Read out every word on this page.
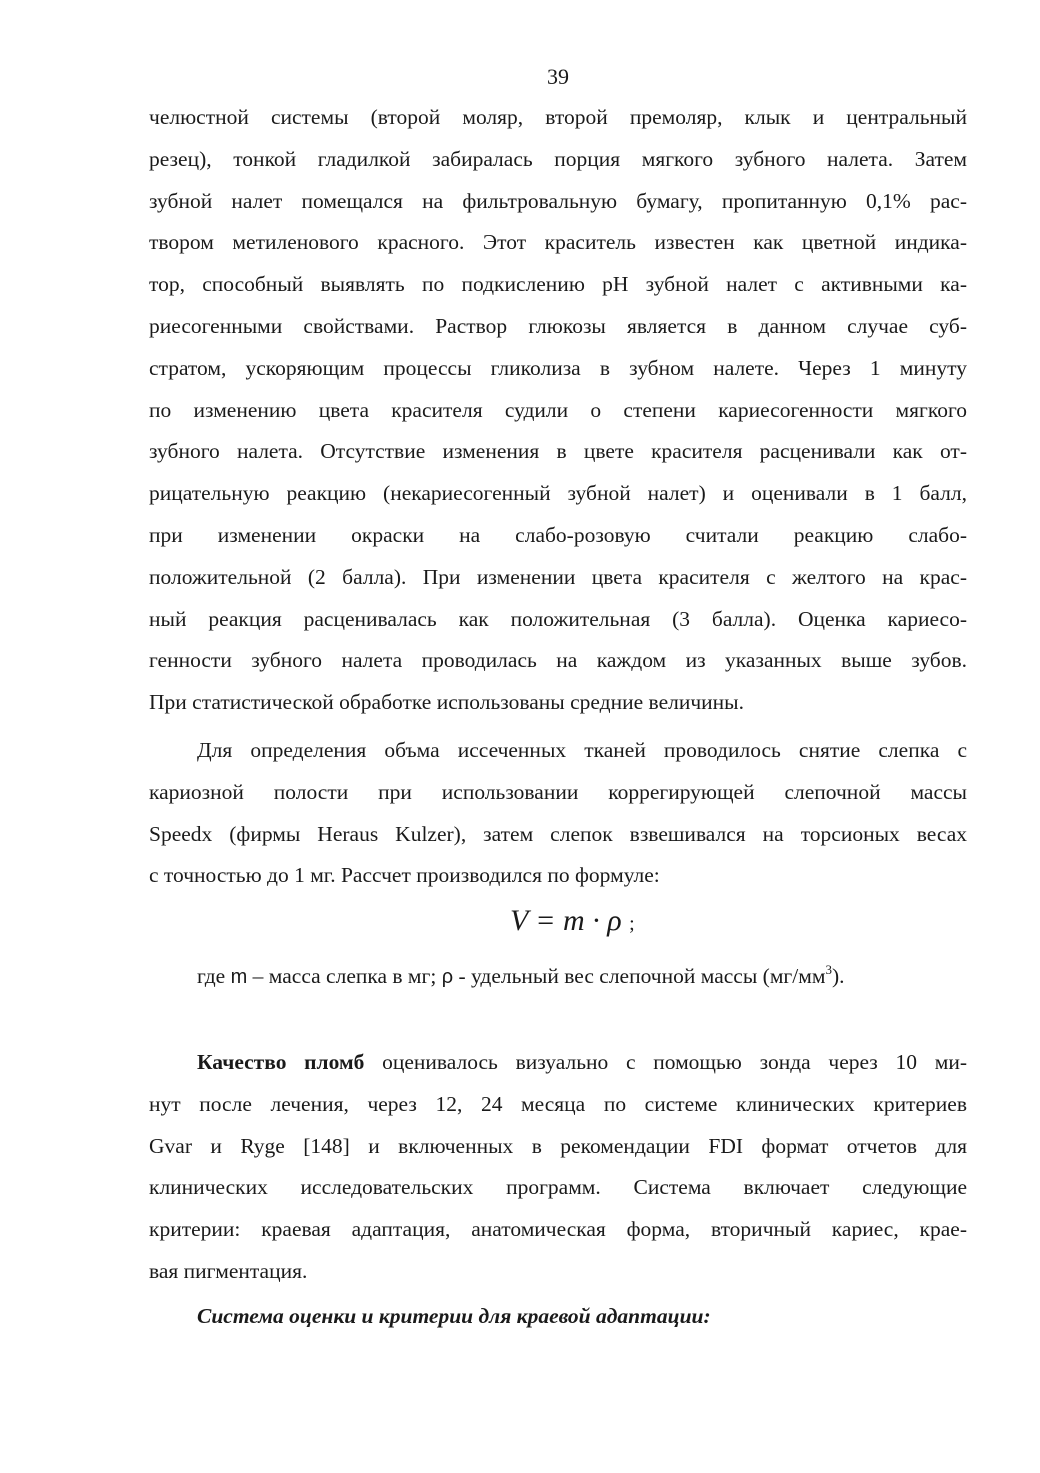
39
челюстной системы (второй моляр, второй премоляр, клык и центральный
резец), тонкой гладилкой забиралась порция мягкого зубного налета. Затем
зубной налет помещался на фильтровальную бумагу, пропитанную 0,1% рас-
твором метиленового красного. Этот краситель известен как цветной индика-
тор, способный выявлять по подкислению рН зубной налет с активными ка-
риесогенными свойствами. Раствор глюкозы является в данном случае суб-
стратом, ускоряющим процессы гликолиза в зубном налете. Через 1 минуту
по изменению цвета красителя судили о степени кариесогенности мягкого
зубного налета. Отсутствие изменения в цвете красителя расценивали как от-
рицательную реакцию (некариесогенный зубной налет) и оценивали в 1 балл,
при изменении окраски на слабо-розовую считали реакцию слабо-
положительной (2 балла). При изменении цвета красителя с желтого на крас-
ный реакция расценивалась как положительная (3 балла). Оценка кариесо-
генности зубного налета проводилась на каждом из указанных выше зубов.
При статистической обработке использованы средние величины.
Для определения объма иссеченных тканей проводилось снятие слепка с
кариозной полости при использовании коррегирующей слепочной массы
Speedx (фирмы Heraus Kulzer), затем слепок взвешивался на торсионых весах
с точностью до 1 мг. Рассчет производился по формуле:
V = m · ρ ;
где m – масса слепка в мг; ρ - удельный вес слепочной массы $(мг/мм^3)$.
Качество пломб оценивалось визуально с помощью зонда через 10 ми-
нут после лечения, через 12, 24 месяца по системе клинических критериев
Gvar и Ryge [148] и включенных в рекомендации FDI формат отчетов для
клинических исследовательских программ. Система включает следующие
критерии: краевая адаптация, анатомическая форма, вторичный кариес, крае-
вая пигментация.
Система оценки и критерии для краевой адаптации:
